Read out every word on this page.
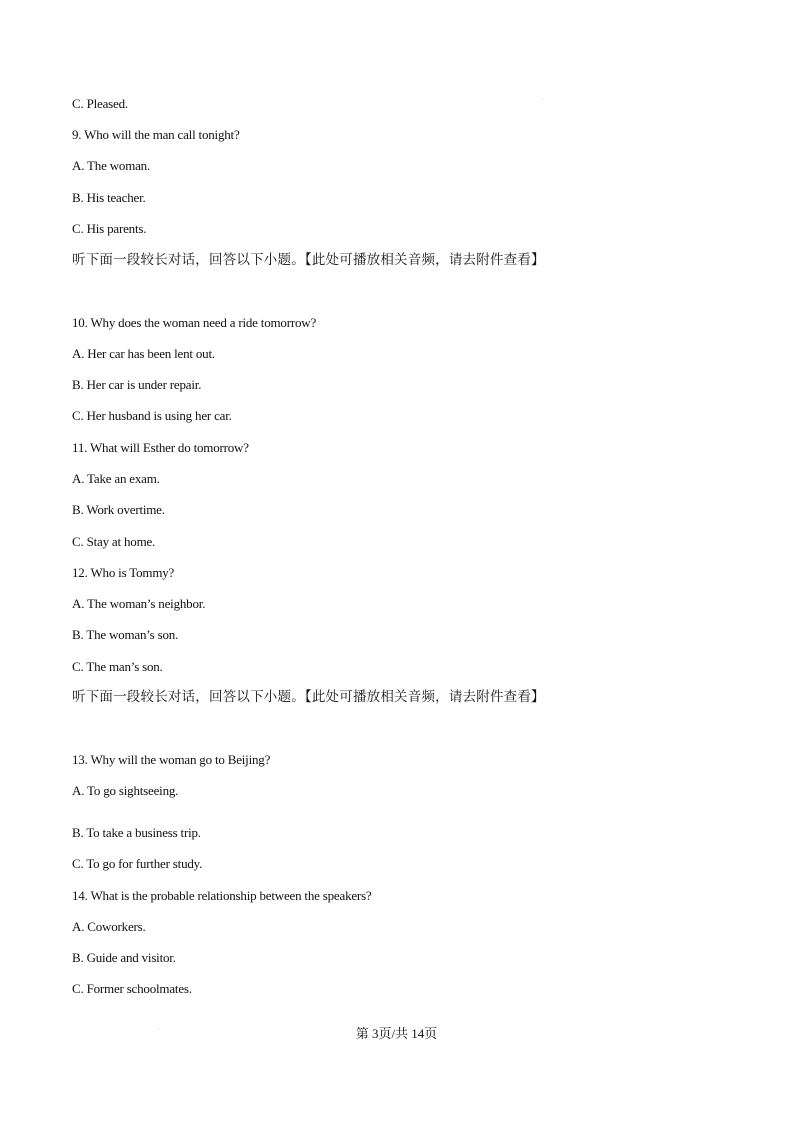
C. Pleased.
9. Who will the man call tonight?
A. The woman.
B. His teacher.
C. His parents.
听下面一段较长对话，回答以下小题。【此处可播放相关音频，请去附件查看】
10. Why does the woman need a ride tomorrow?
A. Her car has been lent out.
B. Her car is under repair.
C. Her husband is using her car.
11. What will Esther do tomorrow?
A. Take an exam.
B. Work overtime.
C. Stay at home.
12. Who is Tommy?
A. The woman’s neighbor.
B. The woman’s son.
C. The man’s son.
听下面一段较长对话，回答以下小题。【此处可播放相关音频，请去附件查看】
13. Why will the woman go to Beijing?
A. To go sightseeing.
B. To take a business trip.
C. To go for further study.
14. What is the probable relationship between the speakers?
A. Coworkers.
B. Guide and visitor.
C. Former schoolmates.
第 3页/共 14页
